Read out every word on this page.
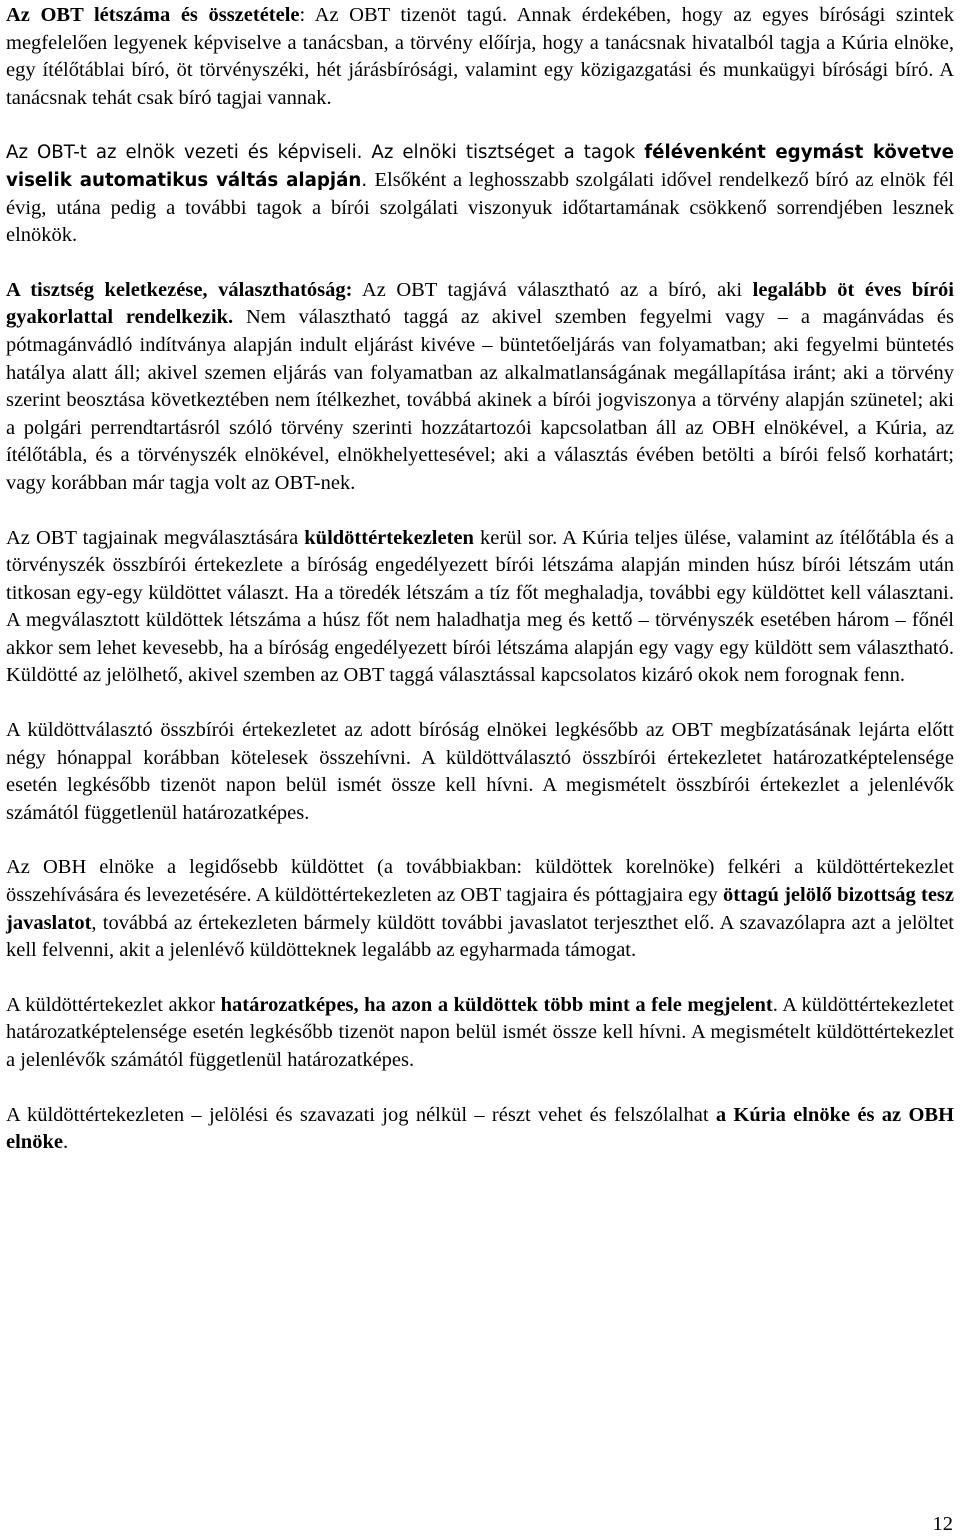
Az OBT létszáma és összetétele: Az OBT tizenöt tagú. Annak érdekében, hogy az egyes bírósági szintek megfelelően legyenek képviselve a tanácsban, a törvény előírja, hogy a tanácsnak hivatalból tagja a Kúria elnöke, egy ítélőtáblai bíró, öt törvényszéki, hét járásbírósági, valamint egy közigazgatási és munkaügyi bírósági bíró. A tanácsnak tehát csak bíró tagjai vannak.

Az OBT-t az elnök vezeti és képviseli. Az elnöki tisztséget a tagok félévenként egymást követve viselik automatikus váltás alapján. Elsőként a leghosszabb szolgálati idővel rendelkező bíró az elnök fél évig, utána pedig a további tagok a bírói szolgálati viszonyuk időtartamának csökkenő sorrendjében lesznek elnökök.

A tisztség keletkezése, választhatóság: Az OBT tagjává választható az a bíró, aki legalább öt éves bírói gyakorlattal rendelkezik. Nem választható taggá az akivel szemben fegyelmi vagy – a magánvádas és pótmagánvádló indítványa alapján indult eljárást kivéve – büntetőeljárás van folyamatban; aki fegyelmi büntetés hatálya alatt áll; akivel szemen eljárás van folyamatban az alkalmatlanságának megállapítása iránt; aki a törvény szerint beosztása következtében nem ítélkezhet, továbbá akinek a bírói jogviszonya a törvény alapján szünetel; aki a polgári perrendtartásról szóló törvény szerinti hozzátartozói kapcsolatban áll az OBH elnökével, a Kúria, az ítélőtábla, és a törvényszék elnökével, elnökhelyettesével; aki a választás évében betölti a bírói felső korhatárt; vagy korábban már tagja volt az OBT-nek.

Az OBT tagjainak megválasztására küldöttértekezleten kerül sor. A Kúria teljes ülése, valamint az ítélőtábla és a törvényszék összbírói értekezlete a bíróság engedélyezett bírói létszáma alapján minden húsz bírói létszám után titkosan egy-egy küldöttet választ. Ha a töredék létszám a tíz főt meghaladja, további egy küldöttet kell választani. A megválasztott küldöttek létszáma a húsz főt nem haladhatja meg és kettő – törvényszék esetében három – főnél akkor sem lehet kevesebb, ha a bíróság engedélyezett bírói létszáma alapján egy vagy egy küldött sem választható. Küldötté az jelölhető, akivel szemben az OBT taggá választással kapcsolatos kizáró okok nem forognak fenn.

A küldöttválasztó összbírói értekezletet az adott bíróság elnökei legkésőbb az OBT megbízatásának lejárta előtt négy hónappal korábban kötelesek összehívni. A küldöttválasztó összbírói értekezletet határozatképtelensége esetén legkésőbb tizenöt napon belül ismét össze kell hívni. A megismételt összbírói értekezlet a jelenlévők számától függetlenül határozatképes.

Az OBH elnöke a legidősebb küldöttet (a továbbiakban: küldöttek korelnöke) felkéri a küldöttértekezlet összehívására és levezetésére. A küldöttértekezleten az OBT tagjaira és póttagjaira egy öttagú jelölő bizottság tesz javaslatot, továbbá az értekezleten bármely küldött további javaslatot terjeszthet elő. A szavazólapra azt a jelöltet kell felvenni, akit a jelenlévő küldötteknek legalább az egyharmada támogat.

A küldöttértekezlet akkor határozatképes, ha azon a küldöttek több mint a fele megjelent. A küldöttértekezletet határozatképtelensége esetén legkésőbb tizenöt napon belül ismét össze kell hívni. A megismételt küldöttértekezlet a jelenlévők számától függetlenül határozatképes.

A küldöttértekezleten – jelölési és szavazati jog nélkül – részt vehet és felszólalhat a Kúria elnöke és az OBH elnöke.

12
